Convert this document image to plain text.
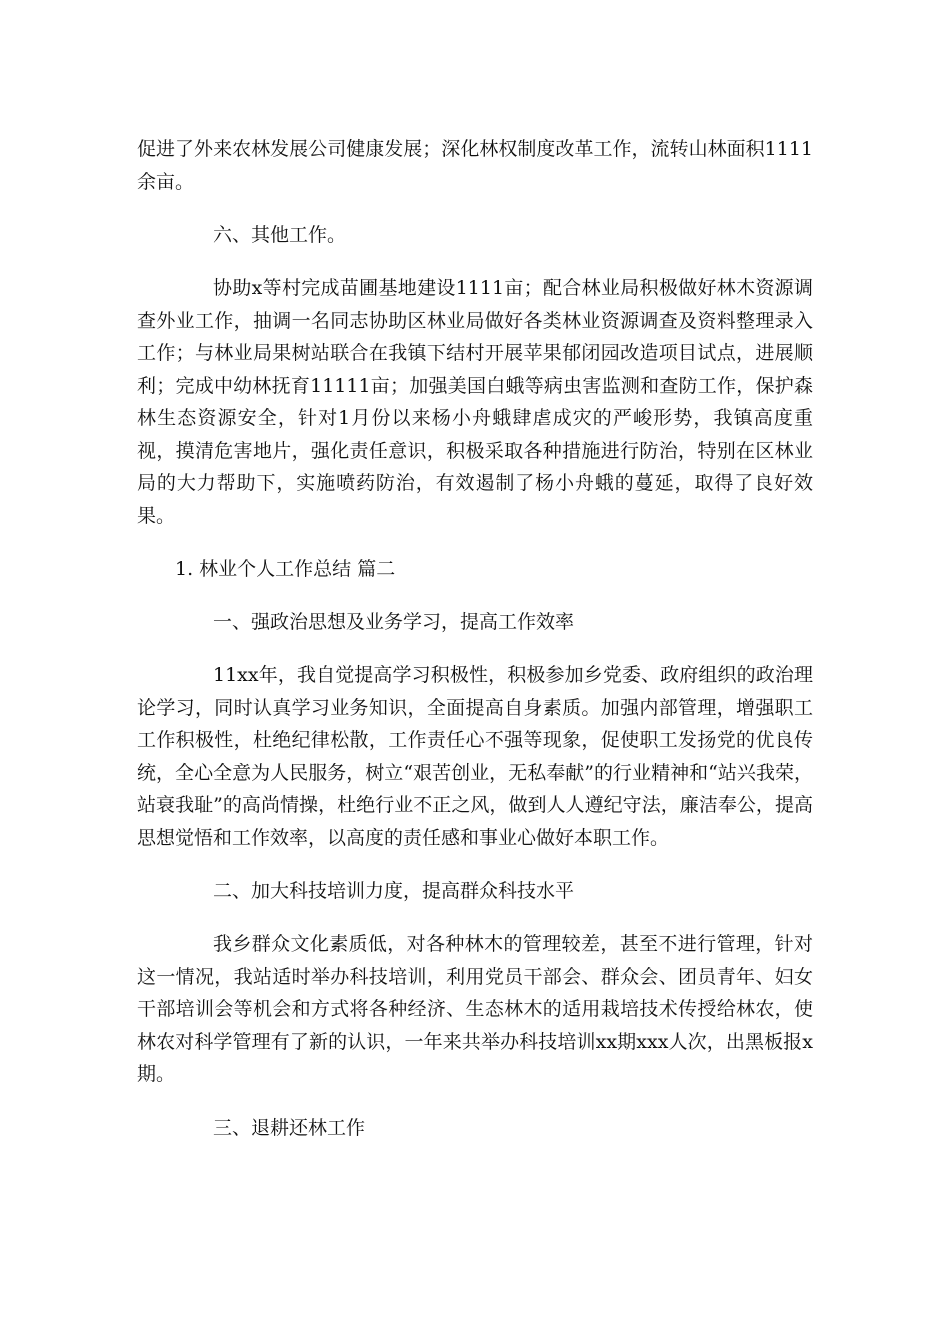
促进了外来农林发展公司健康发展；深化林权制度改革工作，流转山林面积1111余亩。

六、其他工作。

协助x等村完成苗圃基地建设1111亩；配合林业局积极做好林木资源调查外业工作，抽调一名同志协助区林业局做好各类林业资源调查及资料整理录入工作；与林业局果树站联合在我镇下结村开展苹果郁闭园改造项目试点，进展顺利；完成中幼林抚育11111亩；加强美国白蛾等病虫害监测和查防工作，保护森林生态资源安全，针对1月份以来杨小舟蛾肆虐成灾的严峻形势，我镇高度重视，摸清危害地片，强化责任意识，积极采取各种措施进行防治，特别在区林业局的大力帮助下，实施喷药防治，有效遏制了杨小舟蛾的蔓延，取得了良好效果。

1. 林业个人工作总结 篇二

一、强政治思想及业务学习，提高工作效率

11xx年，我自觉提高学习积极性，积极参加乡党委、政府组织的政治理论学习，同时认真学习业务知识，全面提高自身素质。加强内部管理，增强职工工作积极性，杜绝纪律松散，工作责任心不强等现象，促使职工发扬党的优良传统，全心全意为人民服务，树立“艰苦创业，无私奉献”的行业精神和“站兴我荣，站衰我耻”的高尚情操，杜绝行业不正之风，做到人人遵纪守法，廉洁奉公，提高思想觉悟和工作效率，以高度的责任感和事业心做好本职工作。

二、加大科技培训力度，提高群众科技水平

我乡群众文化素质低，对各种林木的管理较差，甚至不进行管理，针对这一情况，我站适时举办科技培训，利用党员干部会、群众会、团员青年、妇女干部培训会等机会和方式将各种经济、生态林木的适用栽培技术传授给林农，使林农对科学管理有了新的认识，一年来共举办科技培训xx期xxx人次，出黑板报x期。

三、退耕还林工作
